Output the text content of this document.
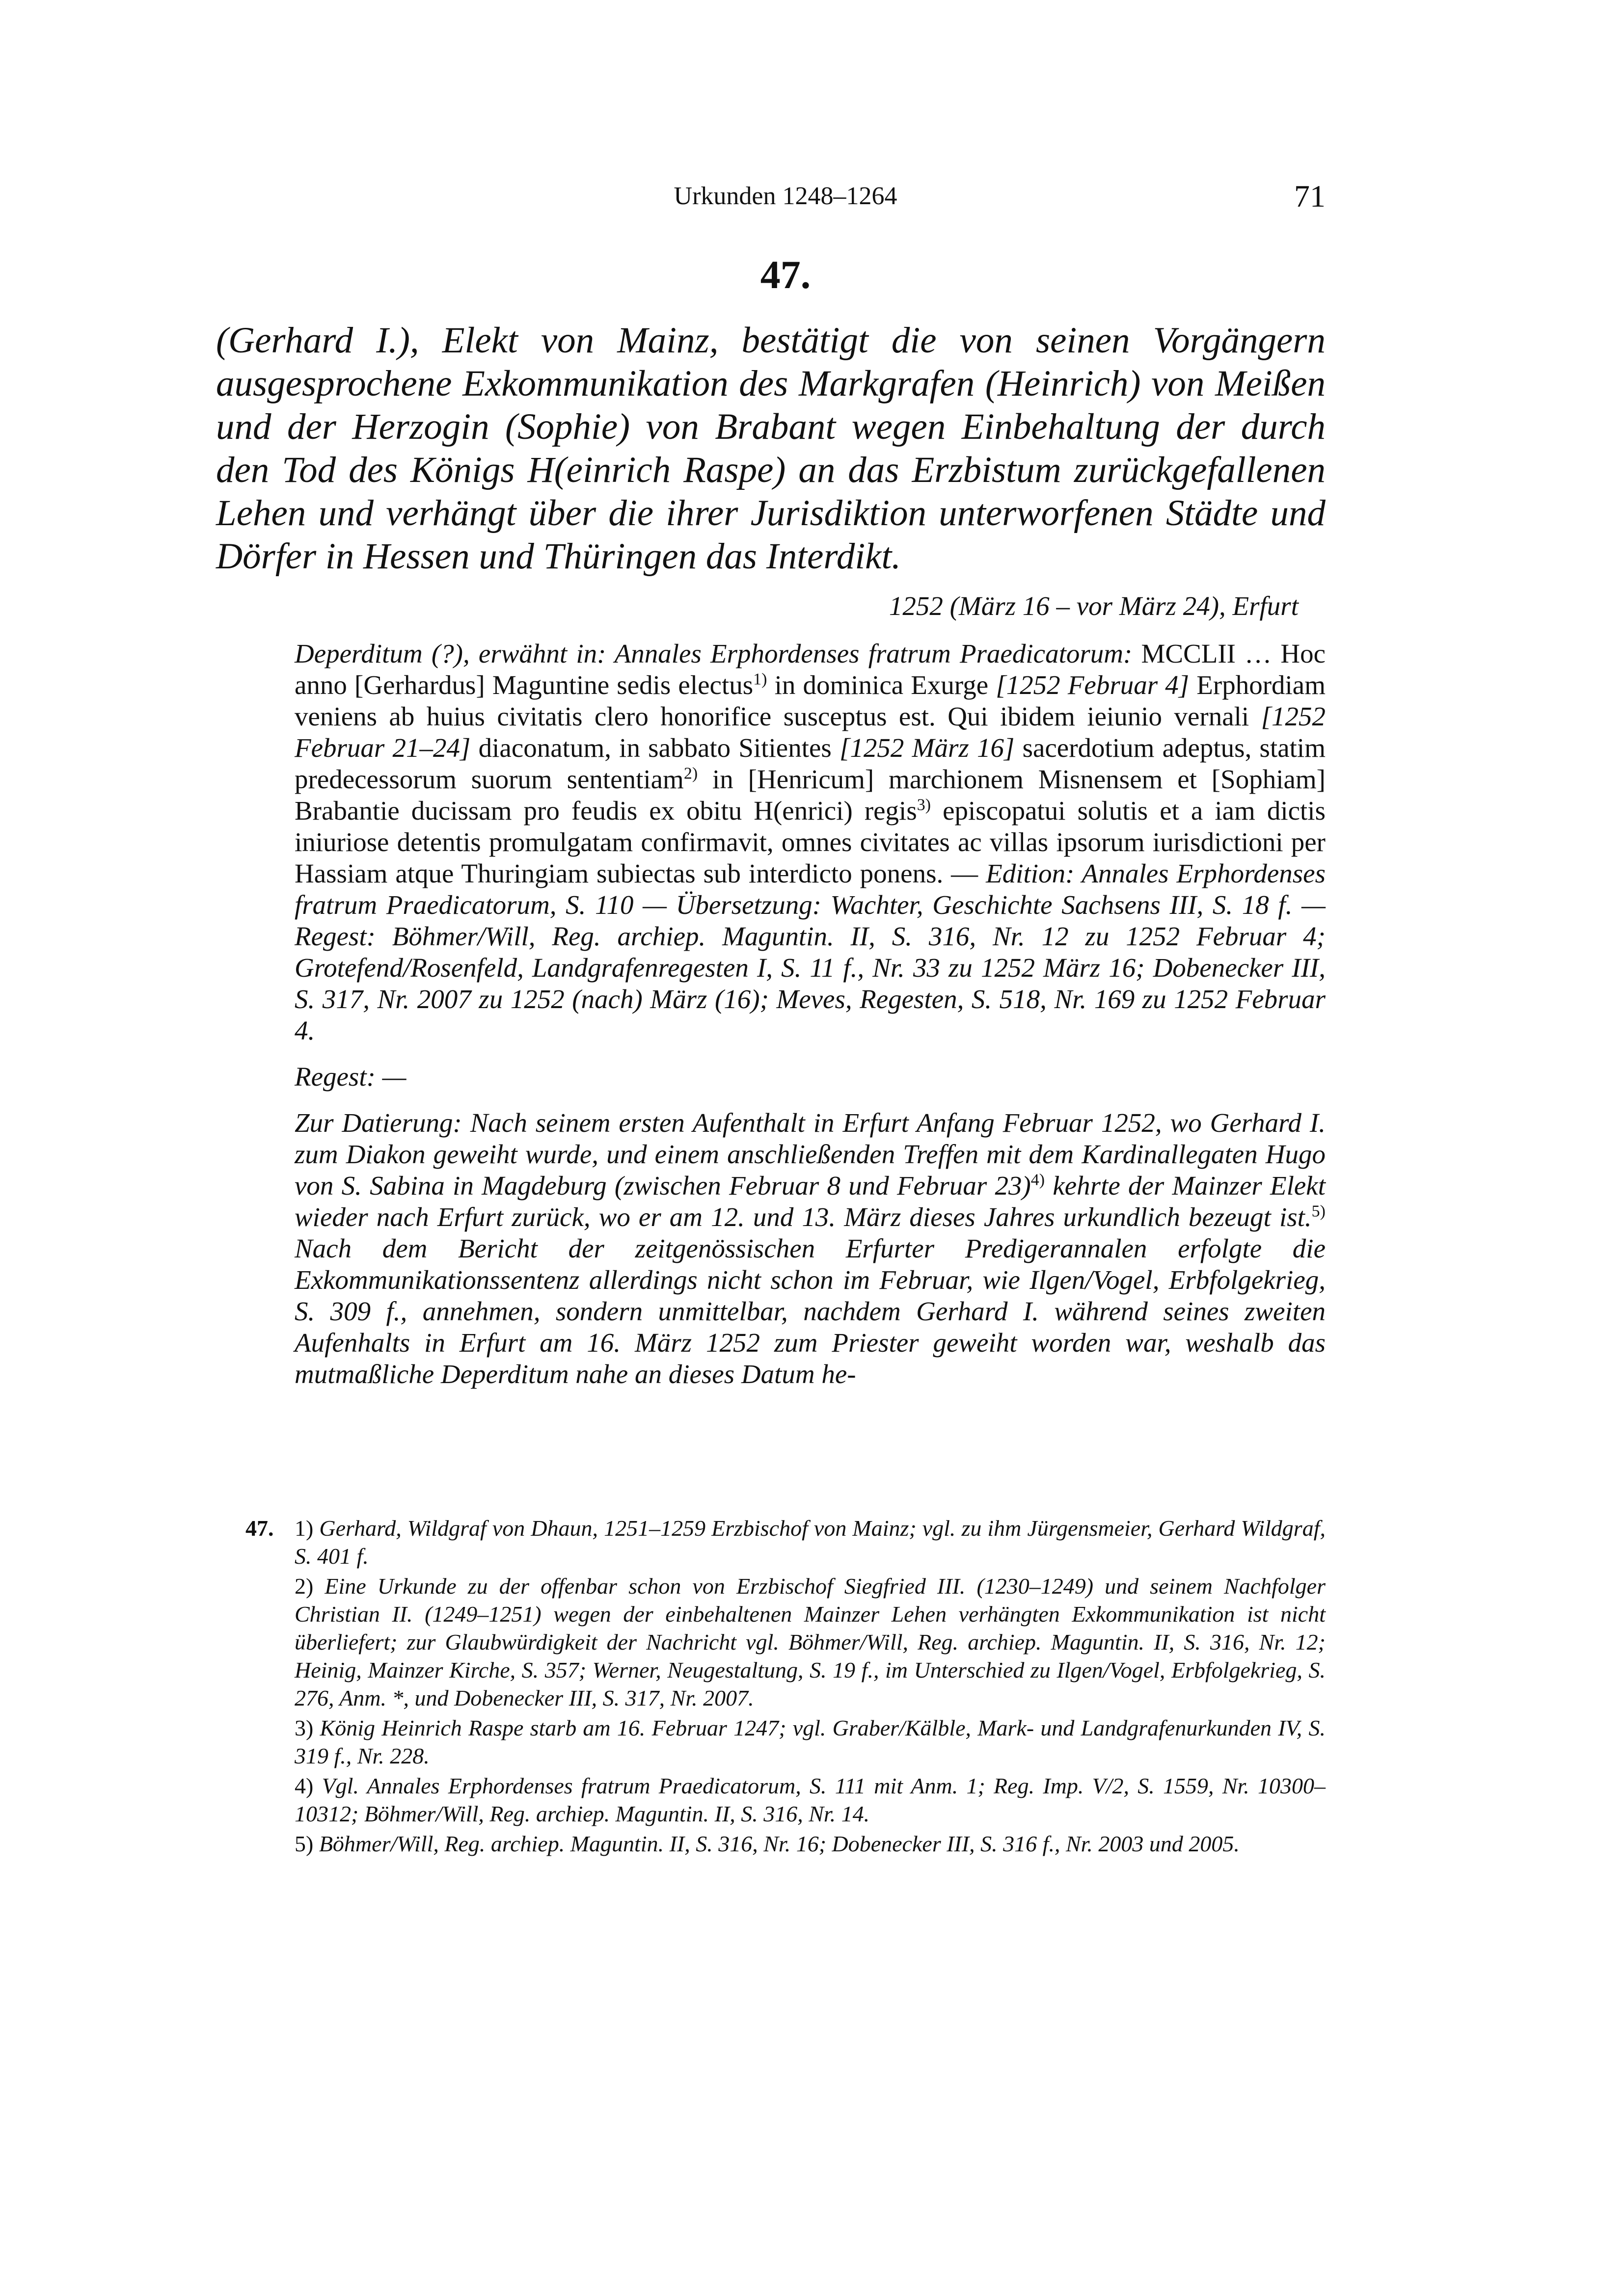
Urkunden 1248–1264	71
47.
(Gerhard I.), Elekt von Mainz, bestätigt die von seinen Vorgängern ausgesprochene Exkommunikation des Markgrafen (Heinrich) von Meißen und der Herzogin (Sophie) von Brabant wegen Einbehaltung der durch den Tod des Königs H(einrich Raspe) an das Erzbistum zurückgefallenen Lehen und verhängt über die ihrer Jurisdiktion unterworfenen Städte und Dörfer in Hessen und Thüringen das Interdikt.
1252 (März 16 – vor März 24), Erfurt

Deperditum (?), erwähnt in: Annales Erphordenses fratrum Praedicatorum: MCCLII … Hoc anno [Gerhardus] Maguntine sedis electus$^{1)}$ in dominica Exurge [1252 Februar 4] Erphordiam veniens ab huius civitatis clero honorifice susceptus est. Qui ibidem ieiunio vernali [1252 Februar 21–24] diaconatum, in sabbato Sitientes [1252 März 16] sacerdotium adeptus, statim predecessorum suorum sententiam$^{2)}$ in [Henricum] marchionem Misnensem et [Sophiam] Brabantie ducissam pro feudis ex obitu H(enrici) regis$^{3)}$ episcopatui solutis et a iam dictis iniuriose detentis promulgatam confirmavit, omnes civitates ac villas ipsorum iurisdictioni per Hassiam atque Thuringiam subiectas sub interdicto ponens. — Edition: Annales Erphordenses fratrum Praedicatorum, S. 110 — Übersetzung: Wachter, Geschichte Sachsens III, S. 18 f. — Regest: Böhmer/Will, Reg. archiep. Maguntin. II, S. 316, Nr. 12 zu 1252 Februar 4; Grotefend/Rosenfeld, Landgrafenregesten I, S. 11 f., Nr. 33 zu 1252 März 16; Dobenecker III, S. 317, Nr. 2007 zu 1252 (nach) März (16); Meves, Regesten, S. 518, Nr. 169 zu 1252 Februar 4.

Regest: —

Zur Datierung: Nach seinem ersten Aufenthalt in Erfurt Anfang Februar 1252, wo Gerhard I. zum Diakon geweiht wurde, und einem anschließenden Treffen mit dem Kardinallegaten Hugo von S. Sabina in Magdeburg (zwischen Februar 8 und Februar 23)$^{4)}$ kehrte der Mainzer Elekt wieder nach Erfurt zurück, wo er am 12. und 13. März dieses Jahres urkundlich bezeugt ist.$^{5)}$ Nach dem Bericht der zeitgenössischen Erfurter Predigerannalen erfolgte die Exkommunikationssentenz allerdings nicht schon im Februar, wie Ilgen/Vogel, Erbfolgekrieg, S. 309 f., annehmen, sondern unmittelbar, nachdem Gerhard I. während seines zweiten Aufenhalts in Erfurt am 16. März 1252 zum Priester geweiht worden war, weshalb das mutmaßliche Deperditum nahe an dieses Datum he-

47. 1) Gerhard, Wildgraf von Dhaun, 1251–1259 Erzbischof von Mainz; vgl. zu ihm Jürgensmeier, Gerhard Wildgraf, S. 401 f.

2) Eine Urkunde zu der offenbar schon von Erzbischof Siegfried III. (1230–1249) und seinem Nachfolger Christian II. (1249–1251) wegen der einbehaltenen Mainzer Lehen verhängten Exkommunikation ist nicht überliefert; zur Glaubwürdigkeit der Nachricht vgl. Böhmer/Will, Reg. archiep. Maguntin. II, S. 316, Nr. 12; Heinig, Mainzer Kirche, S. 357; Werner, Neugestaltung, S. 19 f., im Unterschied zu Ilgen/Vogel, Erbfolgekrieg, S. 276, Anm. *, und Dobenecker III, S. 317, Nr. 2007.

3) König Heinrich Raspe starb am 16. Februar 1247; vgl. Graber/Kälble, Mark- und Landgrafenurkunden IV, S. 319 f., Nr. 228.

4) Vgl. Annales Erphordenses fratrum Praedicatorum, S. 111 mit Anm. 1; Reg. Imp. V/2, S. 1559, Nr. 10300–10312; Böhmer/Will, Reg. archiep. Maguntin. II, S. 316, Nr. 14.

5) Böhmer/Will, Reg. archiep. Maguntin. II, S. 316, Nr. 16; Dobenecker III, S. 316 f., Nr. 2003 und 2005.
